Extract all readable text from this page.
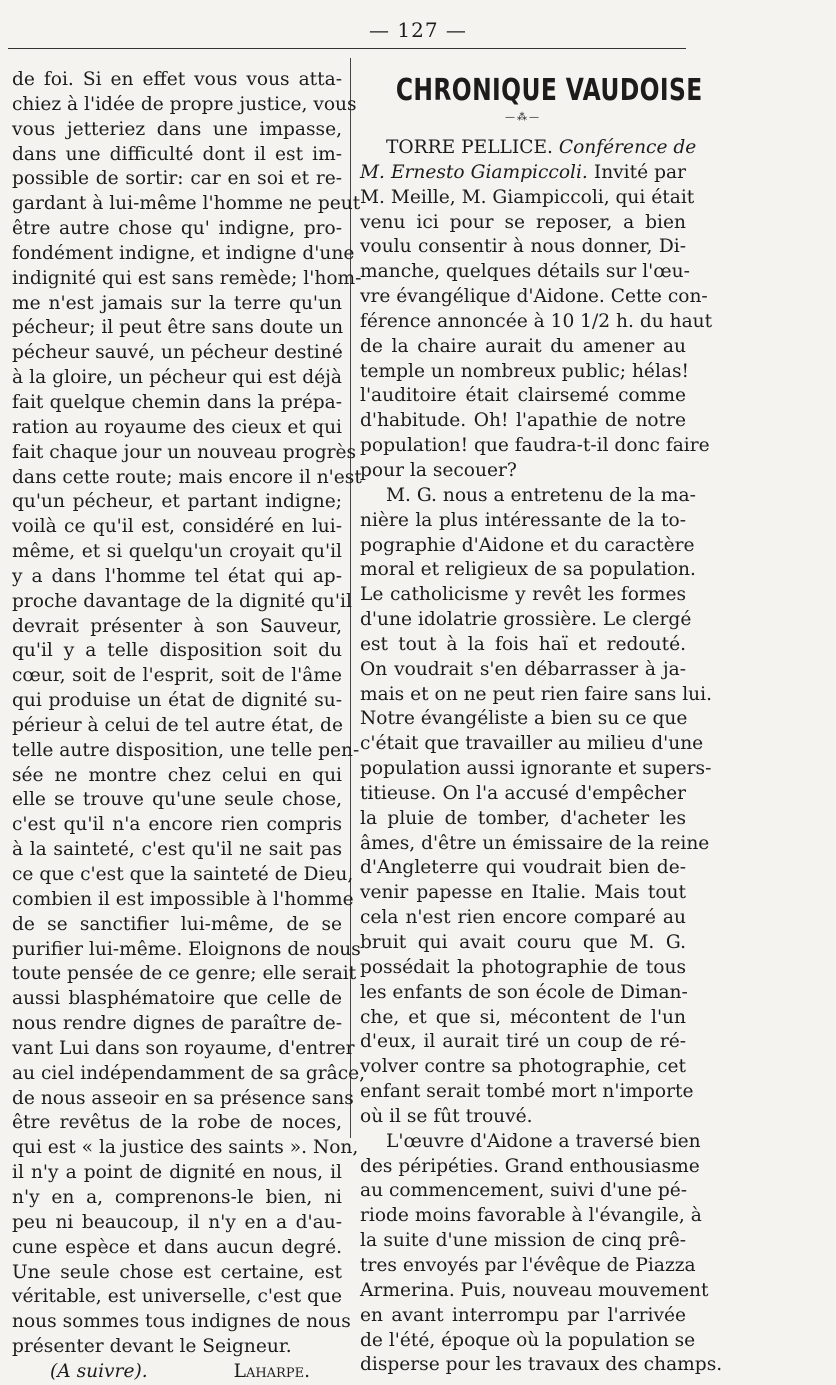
— 127 —
de foi. Si en effet vous vous atta-
chiez à l'idée de propre justice, vous
vous jetteriez dans une impasse,
dans une difficulté dont il est im-
possible de sortir: car en soi et re-
gardant à lui-même l'homme ne peut
être autre chose qu' indigne, pro-
fondément indigne, et indigne d'une
indignité qui est sans remède; l'hom-
me n'est jamais sur la terre qu'un
pécheur; il peut être sans doute un
pécheur sauvé, un pécheur destiné
à la gloire, un pécheur qui est déjà
fait quelque chemin dans la prépa-
ration au royaume des cieux et qui
fait chaque jour un nouveau progrès
dans cette route; mais encore il n'est
qu'un pécheur, et partant indigne;
voilà ce qu'il est, considéré en lui-
même, et si quelqu'un croyait qu'il
y a dans l'homme tel état qui ap-
proche davantage de la dignité qu'il
devrait présenter à son Sauveur,
qu'il y a telle disposition soit du
cœur, soit de l'esprit, soit de l'âme
qui produise un état de dignité su-
périeur à celui de tel autre état, de
telle autre disposition, une telle pen-
sée ne montre chez celui en qui
elle se trouve qu'une seule chose,
c'est qu'il n'a encore rien compris
à la sainteté, c'est qu'il ne sait pas
ce que c'est que la sainteté de Dieu,
combien il est impossible à l'homme
de se sanctifier lui-même, de se
purifier lui-même. Eloignons de nous
toute pensée de ce genre; elle serait
aussi blasphématoire que celle de
nous rendre dignes de paraître de-
vant Lui dans son royaume, d'entrer
au ciel indépendamment de sa grâce,
de nous asseoir en sa présence sans
être revêtus de la robe de noces,
qui est « la justice des saints ». Non,
il n'y a point de dignité en nous, il
n'y en a, comprenons-le bien, ni
peu ni beaucoup, il n'y en a d'au-
cune espèce et dans aucun degré.
Une seule chose est certaine, est
véritable, est universelle, c'est que
nous sommes tous indignes de nous
présenter devant le Seigneur.
(A suivre).	Laharpe.
CHRONIQUE VAUDOISE
—⁂—
TORRE PELLICE. Conférence de
M. Ernesto Giampiccoli. Invité par
M. Meille, M. Giampiccoli, qui était
venu ici pour se reposer, a bien
voulu consentir à nous donner, Di-
manche, quelques détails sur l'œu-
vre évangélique d'Aidone. Cette con-
férence annoncée à 10 1/2 h. du haut
de la chaire aurait du amener au
temple un nombreux public; hélas!
l'auditoire était clairsemé comme
d'habitude. Oh! l'apathie de notre
population! que faudra-t-il donc faire
pour la secouer?
M. G. nous a entretenu de la ma-
nière la plus intéressante de la to-
pographie d'Aidone et du caractère
moral et religieux de sa population.
Le catholicisme y revêt les formes
d'une idolatrie grossière. Le clergé
est tout à la fois haï et redouté.
On voudrait s'en débarrasser à ja-
mais et on ne peut rien faire sans lui.
Notre évangéliste a bien su ce que
c'était que travailler au milieu d'une
population aussi ignorante et supers-
titieuse. On l'a accusé d'empêcher
la pluie de tomber, d'acheter les
âmes, d'être un émissaire de la reine
d'Angleterre qui voudrait bien de-
venir papesse en Italie. Mais tout
cela n'est rien encore comparé au
bruit qui avait couru que M. G.
possédait la photographie de tous
les enfants de son école de Diman-
che, et que si, mécontent de l'un
d'eux, il aurait tiré un coup de ré-
volver contre sa photographie, cet
enfant serait tombé mort n'importe
où il se fût trouvé.
L'œuvre d'Aidone a traversé bien
des péripéties. Grand enthousiasme
au commencement, suivi d'une pé-
riode moins favorable à l'évangile, à
la suite d'une mission de cinq prê-
tres envoyés par l'évêque de Piazza
Armerina. Puis, nouveau mouvement
en avant interrompu par l'arrivée
de l'été, époque où la population se
disperse pour les travaux des champs.
